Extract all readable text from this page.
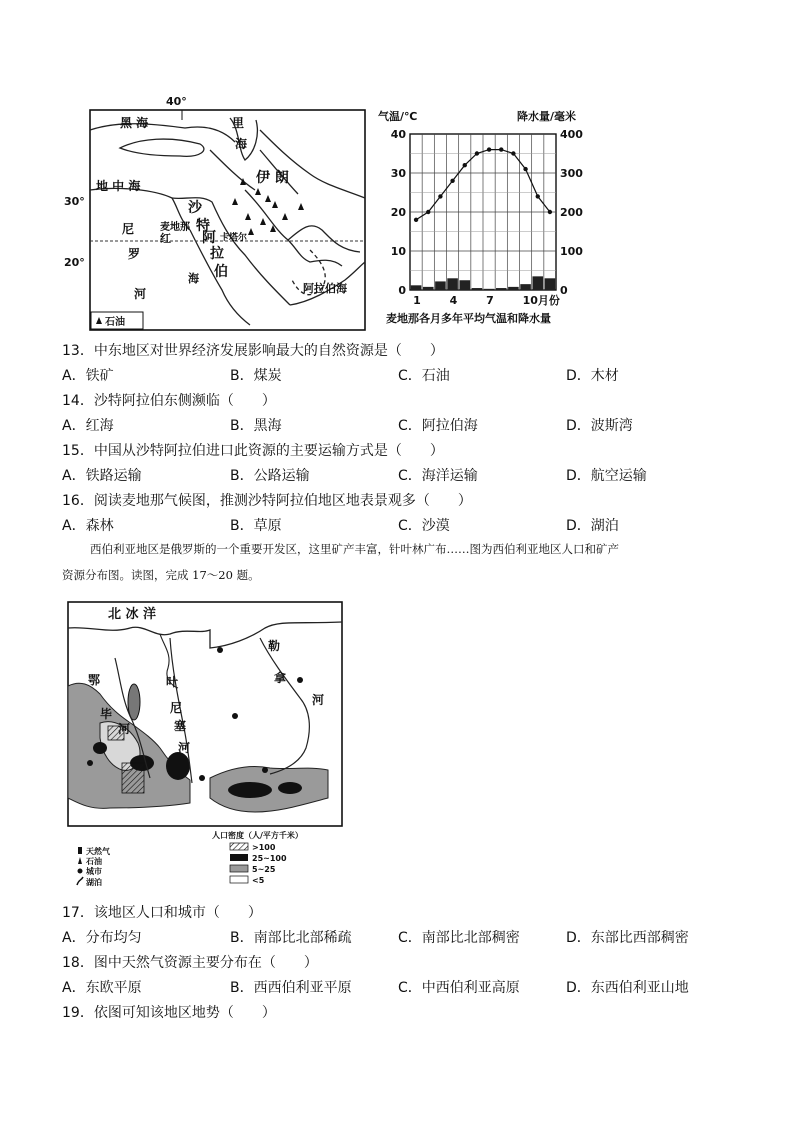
40°
30°
20°
黑 海	里
海
地 中 海	伊 朗
沙
特
阿
拉
伯
尼
罗
河
麦地那
红
海
卡塔尔
阿拉伯海
石油
气温/℃	降水量/毫米
40
30
20
10
0
400
300
200
100
0
1	4	7	10月份
麦地那各月多年平均气温和降水量
13．中东地区对世界经济发展影响最大的自然资源是（　　）
A．铁矿	B．煤炭	C．石油	D．木材
14．沙特阿拉伯东侧濒临（　　）
A．红海	B．黑海	C．阿拉伯海	D．波斯湾
15．中国从沙特阿拉伯进口此资源的主要运输方式是（　　）
A．铁路运输	B．公路运输	C．海洋运输	D．航空运输
16．阅读麦地那气候图，推测沙特阿拉伯地区地表景观多（　　）
A．森林	B．草原	C．沙漠	D．湖泊
西伯利亚地区是俄罗斯的一个重要开发区，这里矿产丰富，针叶林广布……图为西伯利亚地区人口和矿产
资源分布图。读图，完成 17～20 题。
北 冰 洋
勒
拿
河
鄂
毕
河
叶
尼
塞
河
天然气
石油
城市
湖泊
人口密度（人/平方千米）
>100
25~100
5~25
<5
17．该地区人口和城市（　　）
A．分布均匀	B．南部比北部稀疏	C．南部比北部稠密	D．东部比西部稠密
18．图中天然气资源主要分布在（　　）
A．东欧平原	B．西西伯利亚平原	C．中西伯利亚高原	D．东西伯利亚山地
19．依图可知该地区地势（　　）
